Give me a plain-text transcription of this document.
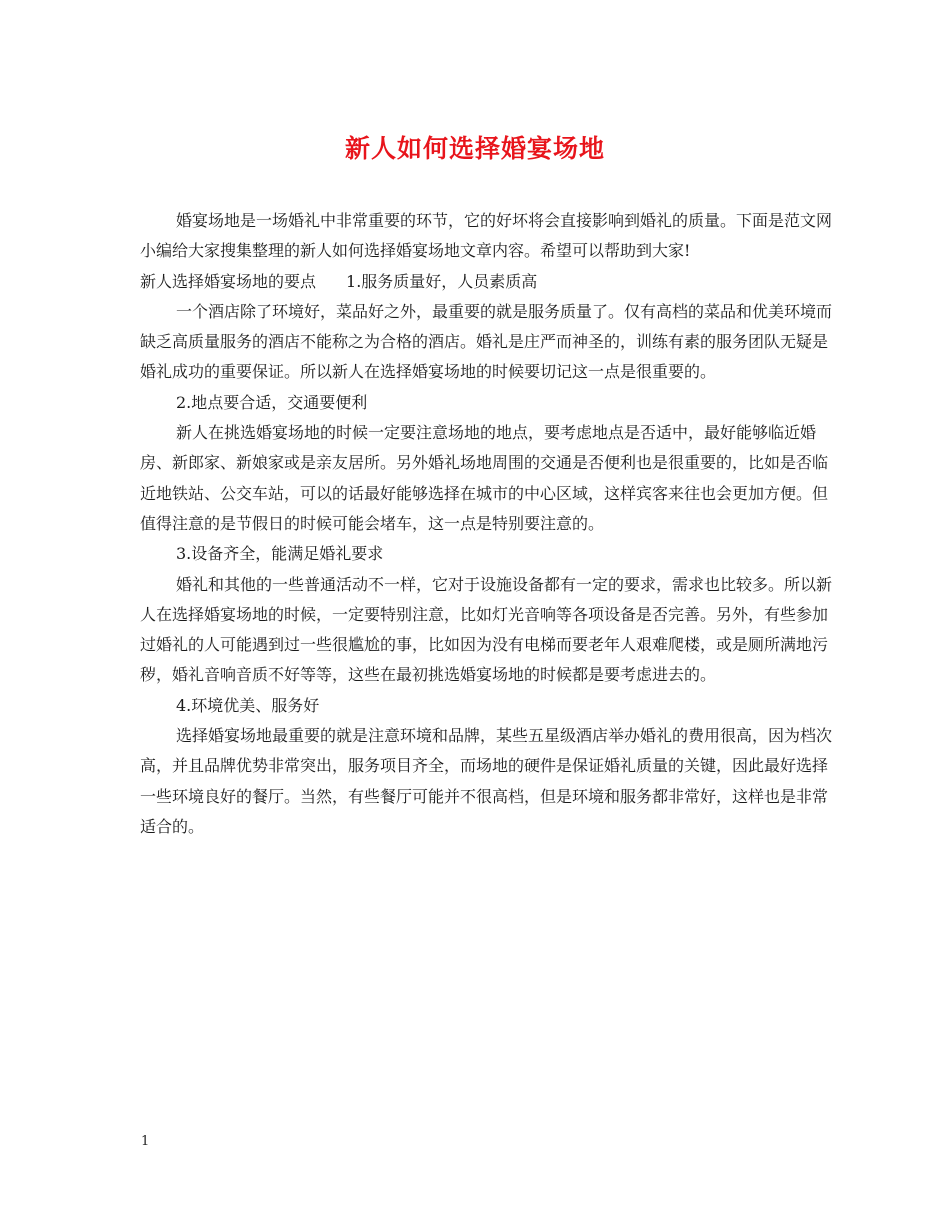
新人如何选择婚宴场地

婚宴场地是一场婚礼中非常重要的环节，它的好坏将会直接影响到婚礼的质量。下面是范文网小编给大家搜集整理的新人如何选择婚宴场地文章内容。希望可以帮助到大家!

新人选择婚宴场地的要点 1.服务质量好，人员素质高

一个酒店除了环境好，菜品好之外，最重要的就是服务质量了。仅有高档的菜品和优美环境而缺乏高质量服务的酒店不能称之为合格的酒店。婚礼是庄严而神圣的，训练有素的服务团队无疑是婚礼成功的重要保证。所以新人在选择婚宴场地的时候要切记这一点是很重要的。

2.地点要合适，交通要便利

新人在挑选婚宴场地的时候一定要注意场地的地点，要考虑地点是否适中，最好能够临近婚房、新郎家、新娘家或是亲友居所。另外婚礼场地周围的交通是否便利也是很重要的，比如是否临近地铁站、公交车站，可以的话最好能够选择在城市的中心区域，这样宾客来往也会更加方便。但值得注意的是节假日的时候可能会堵车，这一点是特别要注意的。

3.设备齐全，能满足婚礼要求

婚礼和其他的一些普通活动不一样，它对于设施设备都有一定的要求，需求也比较多。所以新人在选择婚宴场地的时候，一定要特别注意，比如灯光音响等各项设备是否完善。另外，有些参加过婚礼的人可能遇到过一些很尴尬的事，比如因为没有电梯而要老年人艰难爬楼，或是厕所满地污秽，婚礼音响音质不好等等，这些在最初挑选婚宴场地的时候都是要考虑进去的。

4.环境优美、服务好

选择婚宴场地最重要的就是注意环境和品牌，某些五星级酒店举办婚礼的费用很高，因为档次高，并且品牌优势非常突出，服务项目齐全，而场地的硬件是保证婚礼质量的关键，因此最好选择一些环境良好的餐厅。当然，有些餐厅可能并不很高档，但是环境和服务都非常好，这样也是非常适合的。

1
